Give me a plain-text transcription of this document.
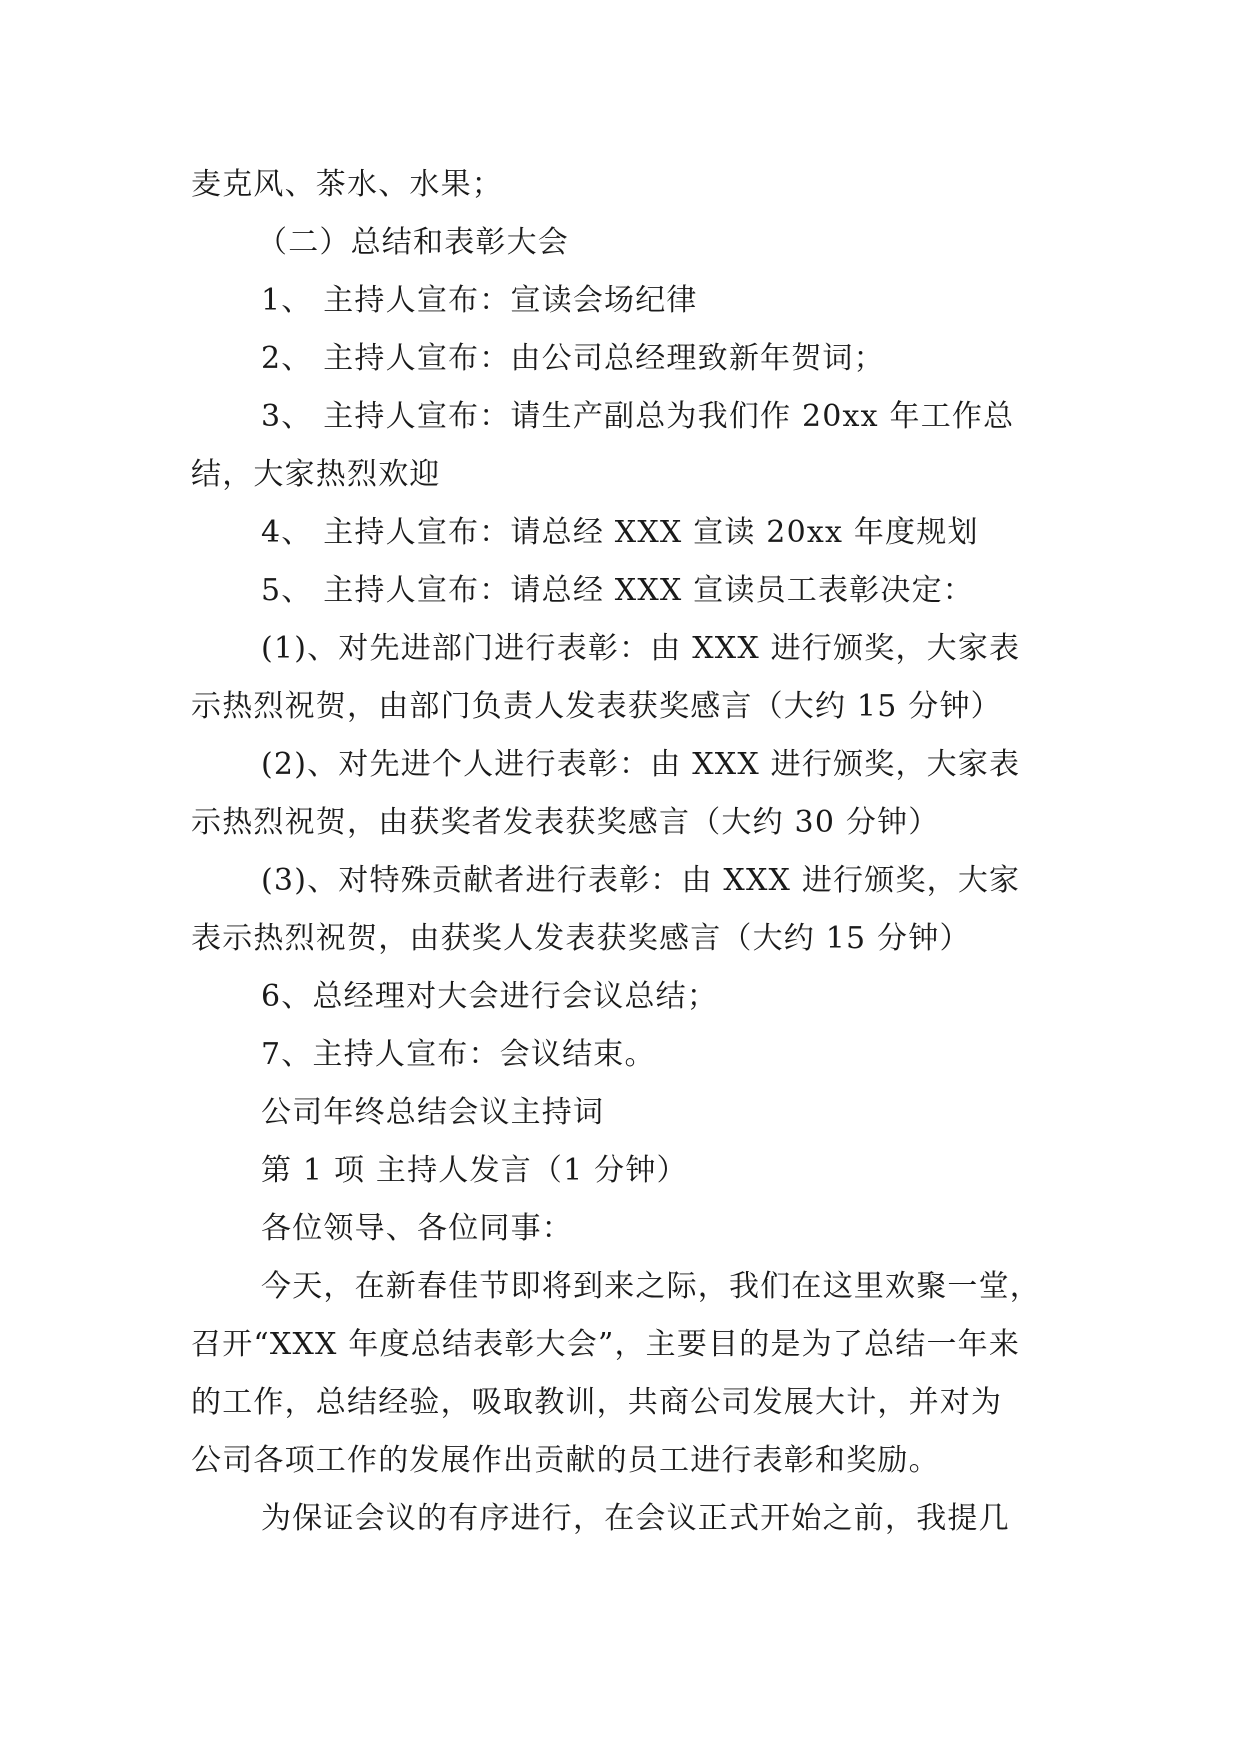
麦克风、茶水、水果；
（二）总结和表彰大会
1、 主持人宣布：宣读会场纪律
2、 主持人宣布：由公司总经理致新年贺词；
3、 主持人宣布：请生产副总为我们作 20xx 年工作总
结，大家热烈欢迎
4、 主持人宣布：请总经 XXX 宣读 20xx 年度规划
5、 主持人宣布：请总经 XXX 宣读员工表彰决定：
(1)、对先进部门进行表彰：由 XXX 进行颁奖，大家表
示热烈祝贺，由部门负责人发表获奖感言（大约 15 分钟）
(2)、对先进个人进行表彰：由 XXX 进行颁奖，大家表
示热烈祝贺，由获奖者发表获奖感言（大约 30 分钟）
(3)、对特殊贡献者进行表彰：由 XXX 进行颁奖，大家
表示热烈祝贺，由获奖人发表获奖感言（大约 15 分钟）
6、总经理对大会进行会议总结；
7、主持人宣布：会议结束。
公司年终总结会议主持词
第 1 项 主持人发言（1 分钟）
各位领导、各位同事：
今天，在新春佳节即将到来之际，我们在这里欢聚一堂，
召开“XXX 年度总结表彰大会”，主要目的是为了总结一年来
的工作，总结经验，吸取教训，共商公司发展大计，并对为
公司各项工作的发展作出贡献的员工进行表彰和奖励。
为保证会议的有序进行，在会议正式开始之前，我提几
